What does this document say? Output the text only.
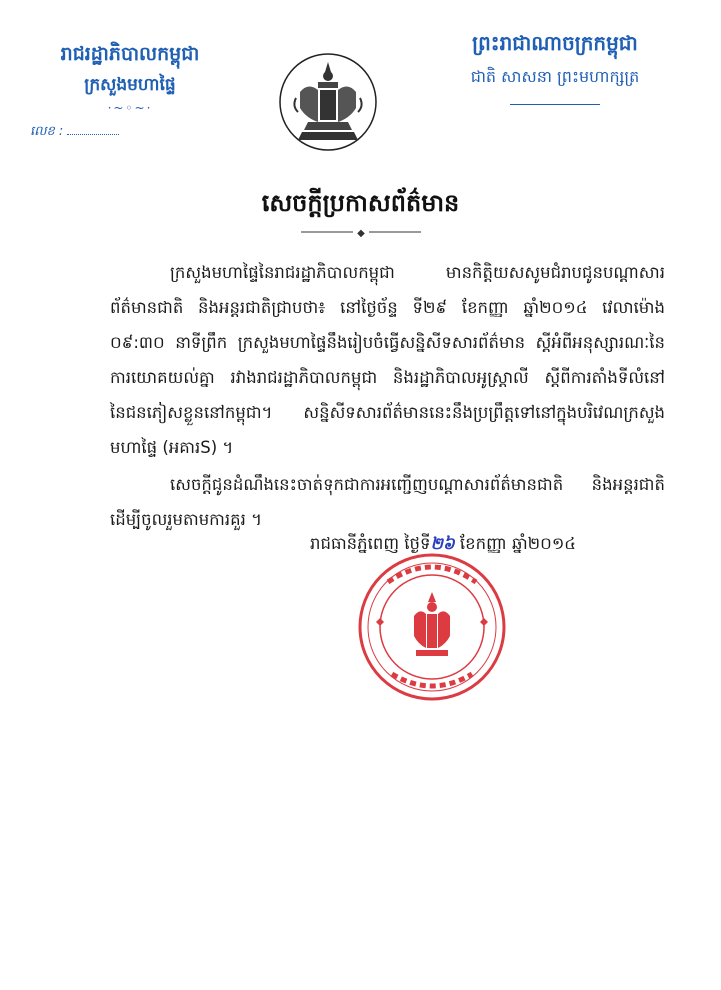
រាជរដ្ឋាភិបាលកម្ពុជា
ក្រសួងមហាផ្ទៃ
·~◦~·
លេខ :
ព្រះរាជាណាចក្រកម្ពុជា
ជាតិ សាសនា ព្រះមហាក្សត្រ
សេចក្តីប្រកាសព័ត៌មាន
◆

ក្រសួងមហាផ្ទៃនៃរាជរដ្ឋាភិបាលកម្ពុជា មានកិត្តិយសសូមជំរាបជូនបណ្តាសារព័ត៌មានជាតិ និងអន្តរជាតិជ្រាបថា៖ នៅថ្ងៃច័ន្ទ ទី២៩ ខែកញ្ញា ឆ្នាំ២០១៤ វេលាម៉ោង ០៩:៣០ នាទីព្រឹក ក្រសួងមហាផ្ទៃនឹងរៀបចំធ្វើសន្និសីទសារព័ត៌មាន ស្តីអំពីអនុស្សារណៈនៃការយោគយល់គ្នា រវាងរាជរដ្ឋាភិបាលកម្ពុជា និងរដ្ឋាភិបាលអូស្រ្តាលី ស្តីពីការតាំងទីលំនៅនៃជនភៀសខ្លួននៅកម្ពុជា។ សន្និសីទសារព័ត៌មាននេះនឹងប្រព្រឹត្តទៅនៅក្នុងបរិវេណក្រសួងមហាផ្ទៃ (អគារS) ។

សេចក្តីជូនដំណឹងនេះចាត់ទុកជាការអញ្ជើញបណ្តាសារព័ត៌មានជាតិ និងអន្តរជាតិ ដើម្បីចូលរួមតាមការគួរ ។

រាជធានីភ្នំពេញ ថ្ងៃទី២៦ ខែកញ្ញា ឆ្នាំ២០១៤
